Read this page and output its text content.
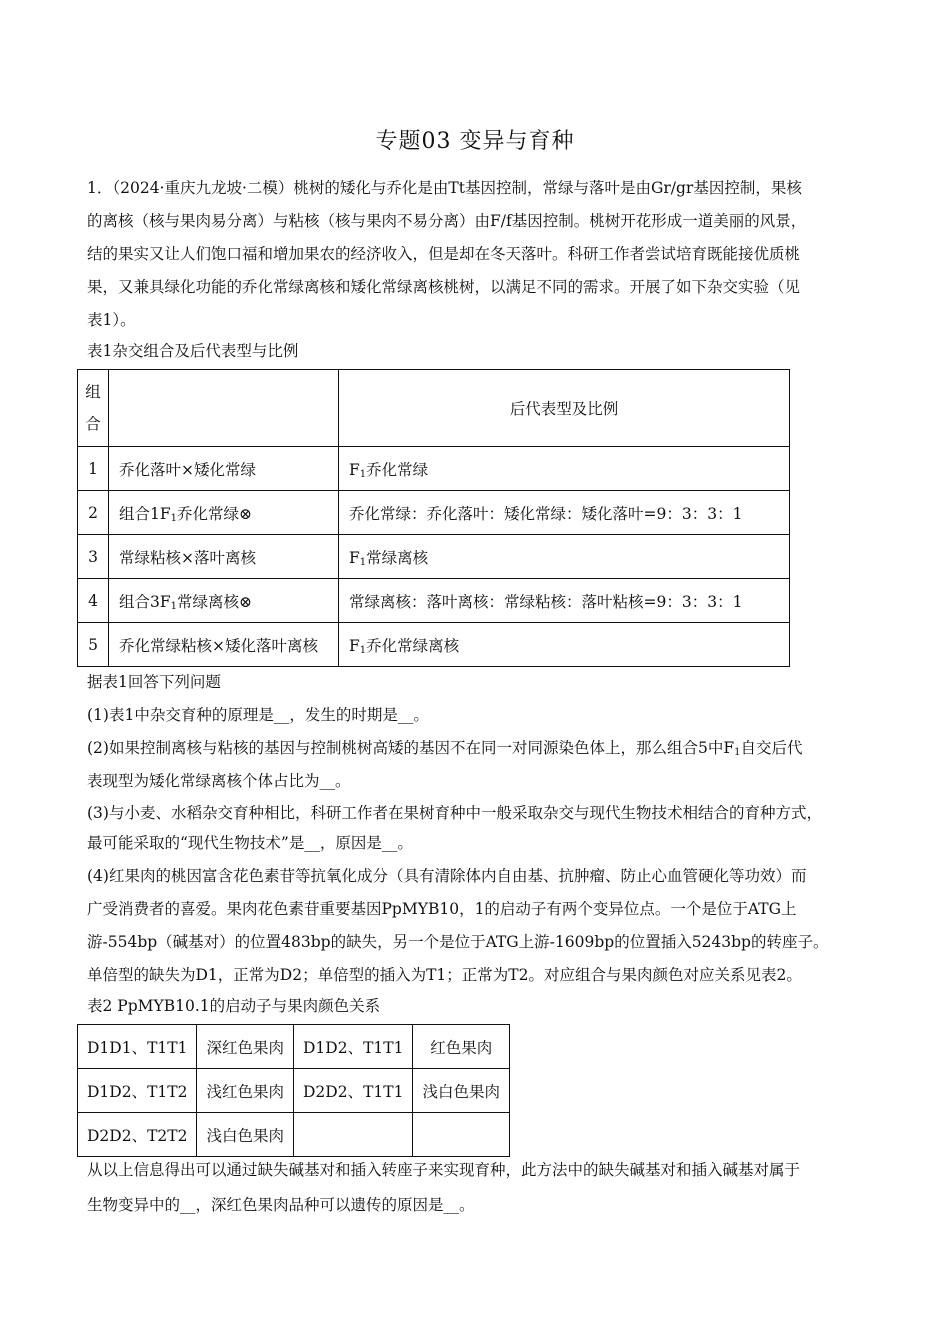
专题03 变异与育种
1．（2024·重庆九龙坡·二模）桃树的矮化与乔化是由Tt基因控制，常绿与落叶是由Gr/gr基因控制，果核
的离核（核与果肉易分离）与粘核（核与果肉不易分离）由F/f基因控制。桃树开花形成一道美丽的风景，
结的果实又让人们饱口福和增加果农的经济收入，但是却在冬天落叶。科研工作者尝试培育既能接优质桃
果，又兼具绿化功能的乔化常绿离核和矮化常绿离核桃树，以满足不同的需求。开展了如下杂交实验（见
表1）。
表1杂交组合及后代表型与比例
组
合		后代表型及比例
1	乔化落叶×矮化常绿	$F_1$乔化常绿
2	组合$1F_1$乔化常绿⊗	乔化常绿：乔化落叶：矮化常绿：矮化落叶=9：3：3：1
3	常绿粘核×落叶离核	$F_1$常绿离核
4	组合$3F_1$常绿离核⊗	常绿离核：落叶离核：常绿粘核：落叶粘核=9：3：3：1
5	乔化常绿粘核×矮化落叶离核	$F_1$乔化常绿离核
据表1回答下列问题
(1)表1中杂交育种的原理是__，发生的时期是__。
(2)如果控制离核与粘核的基因与控制桃树高矮的基因不在同一对同源染色体上，那么组合5中$F_1$自交后代
表现型为矮化常绿离核个体占比为__。
(3)与小麦、水稻杂交育种相比，科研工作者在果树育种中一般采取杂交与现代生物技术相结合的育种方式，
最可能采取的“现代生物技术”是__，原因是__。
(4)红果肉的桃因富含花色素苷等抗氧化成分（具有清除体内自由基、抗肿瘤、防止心血管硬化等功效）而
广受消费者的喜爱。果肉花色素苷重要基因PpMYB10，1的启动子有两个变异位点。一个是位于ATG上
游-554bp（碱基对）的位置483bp的缺失，另一个是位于ATG上游-1609bp的位置插入5243bp的转座子。
单倍型的缺失为D1，正常为D2；单倍型的插入为T1；正常为T2。对应组合与果肉颜色对应关系见表2。
表2 PpMYB10.1的启动子与果肉颜色关系
D1D1、T1T1	深红色果肉	D1D2、T1T1	红色果肉
D1D2、T1T2	浅红色果肉	D2D2、T1T1	浅白色果肉
D2D2、T2T2	浅白色果肉		
从以上信息得出可以通过缺失碱基对和插入转座子来实现育种，此方法中的缺失碱基对和插入碱基对属于
生物变异中的__，深红色果肉品种可以遗传的原因是__。
